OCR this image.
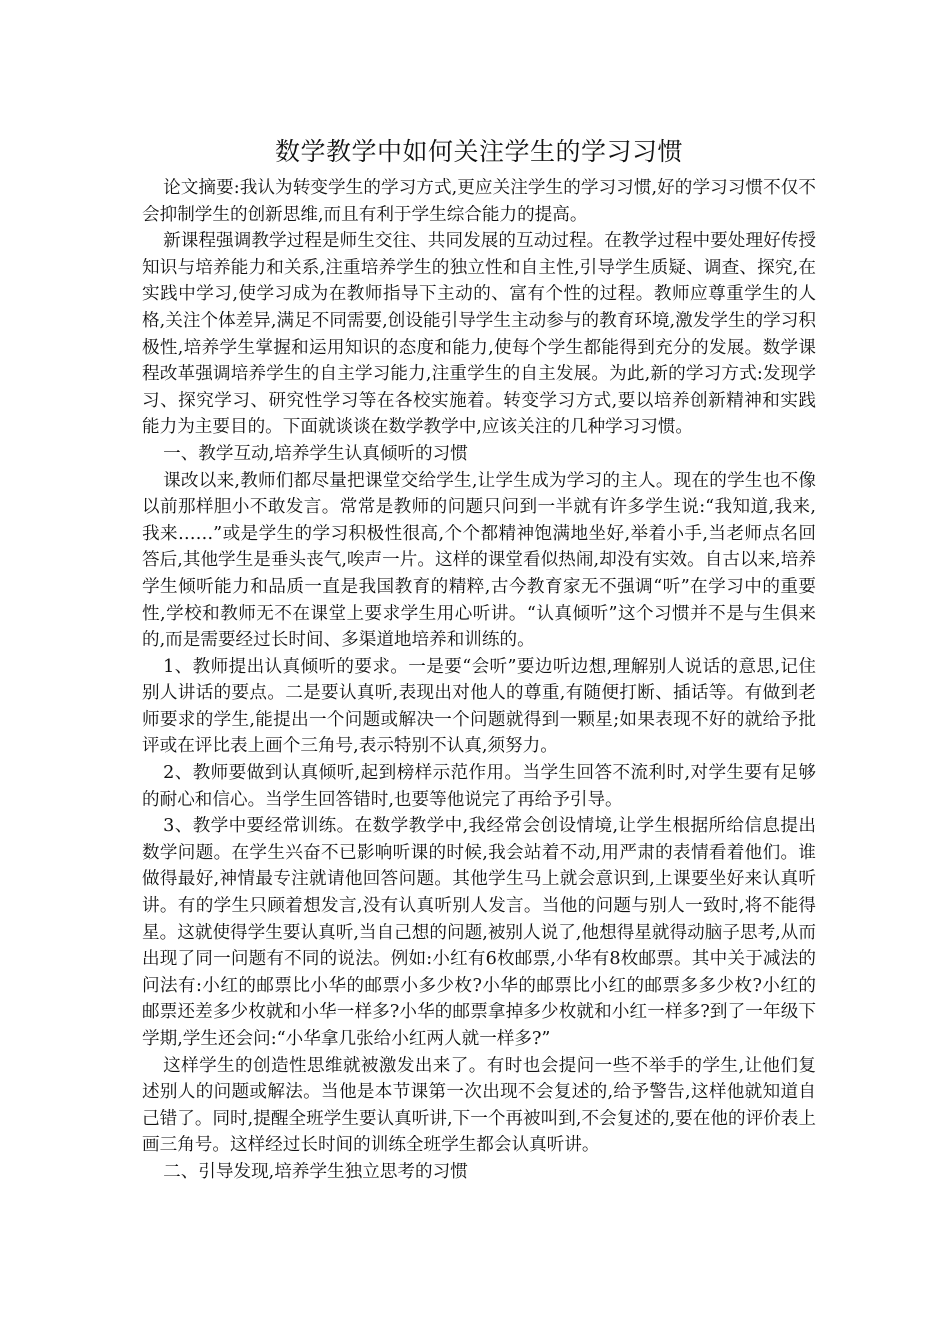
数学教学中如何关注学生的学习习惯

论文摘要:我认为转变学生的学习方式,更应关注学生的学习习惯,好的学习习惯不仅不会抑制学生的创新思维,而且有利于学生综合能力的提高。

新课程强调教学过程是师生交往、共同发展的互动过程。在教学过程中要处理好传授知识与培养能力和关系,注重培养学生的独立性和自主性,引导学生质疑、调查、探究,在实践中学习,使学习成为在教师指导下主动的、富有个性的过程。教师应尊重学生的人格,关注个体差异,满足不同需要,创设能引导学生主动参与的教育环境,激发学生的学习积极性,培养学生掌握和运用知识的态度和能力,使每个学生都能得到充分的发展。数学课程改革强调培养学生的自主学习能力,注重学生的自主发展。为此,新的学习方式:发现学习、探究学习、研究性学习等在各校实施着。转变学习方式,要以培养创新精神和实践能力为主要目的。下面就谈谈在数学教学中,应该关注的几种学习习惯。

一、教学互动,培养学生认真倾听的习惯

课改以来,教师们都尽量把课堂交给学生,让学生成为学习的主人。现在的学生也不像以前那样胆小不敢发言。常常是教师的问题只问到一半就有许多学生说:“我知道,我来,我来……”或是学生的学习积极性很高,个个都精神饱满地坐好,举着小手,当老师点名回答后,其他学生是垂头丧气,唉声一片。这样的课堂看似热闹,却没有实效。自古以来,培养学生倾听能力和品质一直是我国教育的精粹,古今教育家无不强调“听”在学习中的重要性,学校和教师无不在课堂上要求学生用心听讲。“认真倾听”这个习惯并不是与生俱来的,而是需要经过长时间、多渠道地培养和训练的。

1、教师提出认真倾听的要求。一是要“会听”要边听边想,理解别人说话的意思,记住别人讲话的要点。二是要认真听,表现出对他人的尊重,有随便打断、插话等。有做到老师要求的学生,能提出一个问题或解决一个问题就得到一颗星;如果表现不好的就给予批评或在评比表上画个三角号,表示特别不认真,须努力。

2、教师要做到认真倾听,起到榜样示范作用。当学生回答不流利时,对学生要有足够的耐心和信心。当学生回答错时,也要等他说完了再给予引导。

3、教学中要经常训练。在数学教学中,我经常会创设情境,让学生根据所给信息提出数学问题。在学生兴奋不已影响听课的时候,我会站着不动,用严肃的表情看着他们。谁做得最好,神情最专注就请他回答问题。其他学生马上就会意识到,上课要坐好来认真听讲。有的学生只顾着想发言,没有认真听别人发言。当他的问题与别人一致时,将不能得星。这就使得学生要认真听,当自己想的问题,被别人说了,他想得星就得动脑子思考,从而出现了同一问题有不同的说法。例如:小红有6枚邮票,小华有8枚邮票。其中关于减法的问法有:小红的邮票比小华的邮票小多少枚?小华的邮票比小红的邮票多多少枚?小红的邮票还差多少枚就和小华一样多?小华的邮票拿掉多少枚就和小红一样多?到了一年级下学期,学生还会问:“小华拿几张给小红两人就一样多?”

这样学生的创造性思维就被激发出来了。有时也会提问一些不举手的学生,让他们复述别人的问题或解法。当他是本节课第一次出现不会复述的,给予警告,这样他就知道自己错了。同时,提醒全班学生要认真听讲,下一个再被叫到,不会复述的,要在他的评价表上画三角号。这样经过长时间的训练全班学生都会认真听讲。

二、引导发现,培养学生独立思考的习惯
